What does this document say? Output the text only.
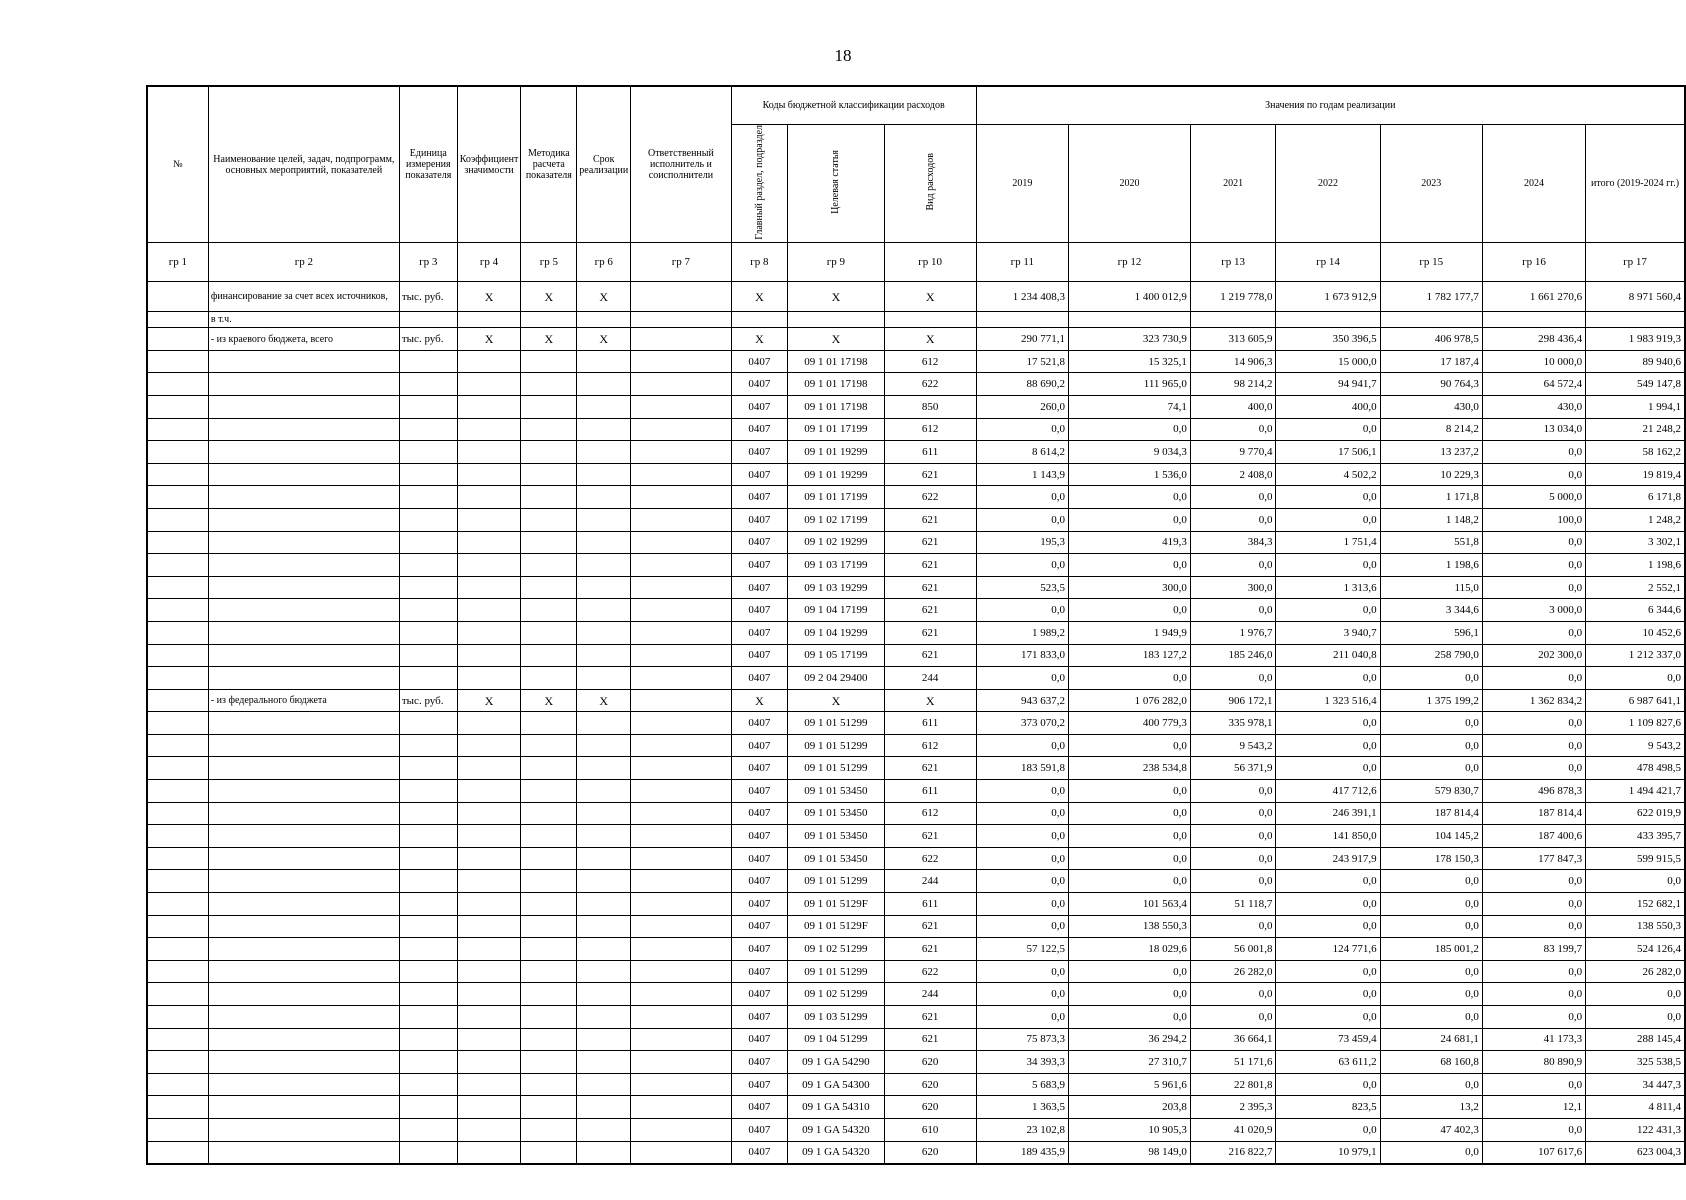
18
№	Наименование целей, задач, подпрограмм, основных мероприятий, показателей	Единица измерения показателя	Коэффициент значимости	Методика расчета показателя	Срок реализации	Ответственный исполнитель и соисполнители	Коды бюджетной классификации расходов			Значения по годам реализации						
							Главный раздел, подраздел	Целевая статья	Вид расходов	2019	2020	2021	2022	2023	2024	итого (2019-2024 гг.)
гр 1	гр 2	гр 3	гр 4	гр 5	гр 6	гр 7	гр 8	гр 9	гр 10	гр 11	гр 12	гр 13	гр 14	гр 15	гр 16	гр 17
	финансирование за счет всех источников,	тыс. руб.	X	X	X		X	X	X	1 234 408,3	1 400 012,9	1 219 778,0	1 673 912,9	1 782 177,7	1 661 270,6	8 971 560,4
	в т.ч.															
	- из краевого бюджета, всего	тыс. руб.	X	X	X		X	X	X	290 771,1	323 730,9	313 605,9	350 396,5	406 978,5	298 436,4	1 983 919,3
							0407	09 1 01 17198	612	17 521,8	15 325,1	14 906,3	15 000,0	17 187,4	10 000,0	89 940,6
							0407	09 1 01 17198	622	88 690,2	111 965,0	98 214,2	94 941,7	90 764,3	64 572,4	549 147,8
							0407	09 1 01 17198	850	260,0	74,1	400,0	400,0	430,0	430,0	1 994,1
							0407	09 1 01 17199	612	0,0	0,0	0,0	0,0	8 214,2	13 034,0	21 248,2
							0407	09 1 01 19299	611	8 614,2	9 034,3	9 770,4	17 506,1	13 237,2	0,0	58 162,2
							0407	09 1 01 19299	621	1 143,9	1 536,0	2 408,0	4 502,2	10 229,3	0,0	19 819,4
							0407	09 1 01 17199	622	0,0	0,0	0,0	0,0	1 171,8	5 000,0	6 171,8
							0407	09 1 02 17199	621	0,0	0,0	0,0	0,0	1 148,2	100,0	1 248,2
							0407	09 1 02 19299	621	195,3	419,3	384,3	1 751,4	551,8	0,0	3 302,1
							0407	09 1 03 17199	621	0,0	0,0	0,0	0,0	1 198,6	0,0	1 198,6
							0407	09 1 03 19299	621	523,5	300,0	300,0	1 313,6	115,0	0,0	2 552,1
							0407	09 1 04 17199	621	0,0	0,0	0,0	0,0	3 344,6	3 000,0	6 344,6
							0407	09 1 04 19299	621	1 989,2	1 949,9	1 976,7	3 940,7	596,1	0,0	10 452,6
							0407	09 1 05 17199	621	171 833,0	183 127,2	185 246,0	211 040,8	258 790,0	202 300,0	1 212 337,0
							0407	09 2 04 29400	244	0,0	0,0	0,0	0,0	0,0	0,0	0,0
	- из федерального бюджета	тыс. руб.	X	X	X		X	X	X	943 637,2	1 076 282,0	906 172,1	1 323 516,4	1 375 199,2	1 362 834,2	6 987 641,1
							0407	09 1 01 51299	611	373 070,2	400 779,3	335 978,1	0,0	0,0	0,0	1 109 827,6
							0407	09 1 01 51299	612	0,0	0,0	9 543,2	0,0	0,0	0,0	9 543,2
							0407	09 1 01 51299	621	183 591,8	238 534,8	56 371,9	0,0	0,0	0,0	478 498,5
							0407	09 1 01 53450	611	0,0	0,0	0,0	417 712,6	579 830,7	496 878,3	1 494 421,7
							0407	09 1 01 53450	612	0,0	0,0	0,0	246 391,1	187 814,4	187 814,4	622 019,9
							0407	09 1 01 53450	621	0,0	0,0	0,0	141 850,0	104 145,2	187 400,6	433 395,7
							0407	09 1 01 53450	622	0,0	0,0	0,0	243 917,9	178 150,3	177 847,3	599 915,5
							0407	09 1 01 51299	244	0,0	0,0	0,0	0,0	0,0	0,0	0,0
							0407	09 1 01 5129F	611	0,0	101 563,4	51 118,7	0,0	0,0	0,0	152 682,1
							0407	09 1 01 5129F	621	0,0	138 550,3	0,0	0,0	0,0	0,0	138 550,3
							0407	09 1 02 51299	621	57 122,5	18 029,6	56 001,8	124 771,6	185 001,2	83 199,7	524 126,4
							0407	09 1 01 51299	622	0,0	0,0	26 282,0	0,0	0,0	0,0	26 282,0
							0407	09 1 02 51299	244	0,0	0,0	0,0	0,0	0,0	0,0	0,0
							0407	09 1 03 51299	621	0,0	0,0	0,0	0,0	0,0	0,0	0,0
							0407	09 1 04 51299	621	75 873,3	36 294,2	36 664,1	73 459,4	24 681,1	41 173,3	288 145,4
							0407	09 1 GA 54290	620	34 393,3	27 310,7	51 171,6	63 611,2	68 160,8	80 890,9	325 538,5
							0407	09 1 GA 54300	620	5 683,9	5 961,6	22 801,8	0,0	0,0	0,0	34 447,3
							0407	09 1 GA 54310	620	1 363,5	203,8	2 395,3	823,5	13,2	12,1	4 811,4
							0407	09 1 GA 54320	610	23 102,8	10 905,3	41 020,9	0,0	47 402,3	0,0	122 431,3
							0407	09 1 GA 54320	620	189 435,9	98 149,0	216 822,7	10 979,1	0,0	107 617,6	623 004,3
